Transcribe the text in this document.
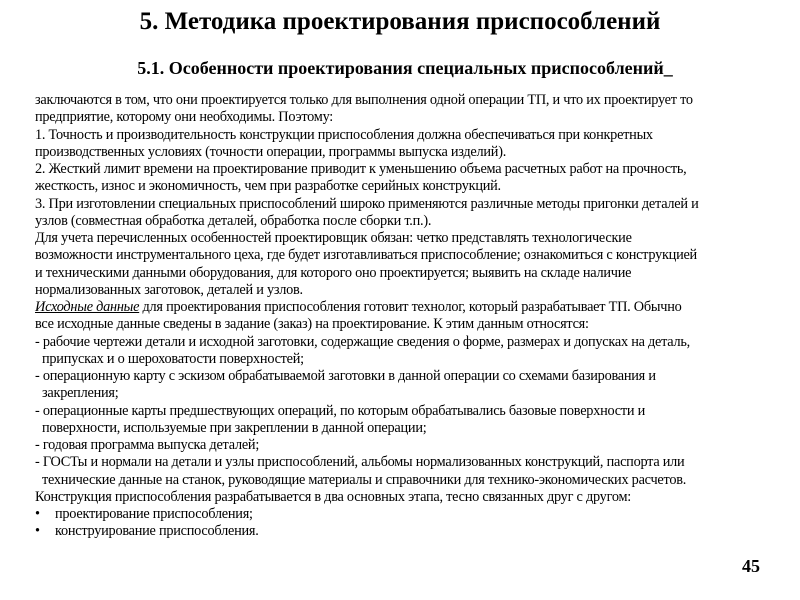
5. Методика проектирования приспособлений
5.1. Особенности проектирования специальных приспособлений_
заключаются в том, что они проектируется только для выполнения одной операции ТП, и что их проектирует то
предприятие, которому они необходимы. Поэтому:
1. Точность и производительность конструкции приспособления должна обеспечиваться при конкретных
производственных условиях (точности операции, программы выпуска изделий).
2. Жесткий лимит времени на проектирование приводит к уменьшению объема расчетных работ на прочность,
жесткость, износ и экономичность, чем при разработке серийных конструкций.
3. При изготовлении специальных приспособлений широко применяются различные методы пригонки деталей и
узлов (совместная обработка деталей, обработка после сборки т.п.).
Для учета перечисленных особенностей проектировщик обязан: четко представлять технологические
возможности инструментального цеха, где будет изготавливаться приспособление; ознакомиться с конструкцией
и техническими данными оборудования, для которого оно проектируется; выявить на складе наличие
нормализованных заготовок, деталей и узлов.
Исходные данные для проектирования приспособления готовит технолог, который разрабатывает ТП. Обычно
все исходные данные сведены в задание (заказ) на проектирование. К этим данным относятся:
- рабочие чертежи детали и исходной заготовки, содержащие сведения о форме, размерах и допусках на деталь,
припусках и о шероховатости поверхностей;
- операционную карту с эскизом обрабатываемой заготовки в данной операции со схемами базирования и
закрепления;
- операционные карты предшествующих операций, по которым обрабатывались базовые поверхности и
поверхности, используемые при закреплении в данной операции;
- годовая программа выпуска деталей;
- ГОСТы и нормали на детали и узлы приспособлений, альбомы нормализованных конструкций, паспорта или
технические данные на станок, руководящие материалы и справочники для технико-экономических расчетов.
Конструкция приспособления разрабатывается в два основных этапа, тесно связанных друг с другом:
•	проектирование приспособления;
•	конструирование приспособления.
45
